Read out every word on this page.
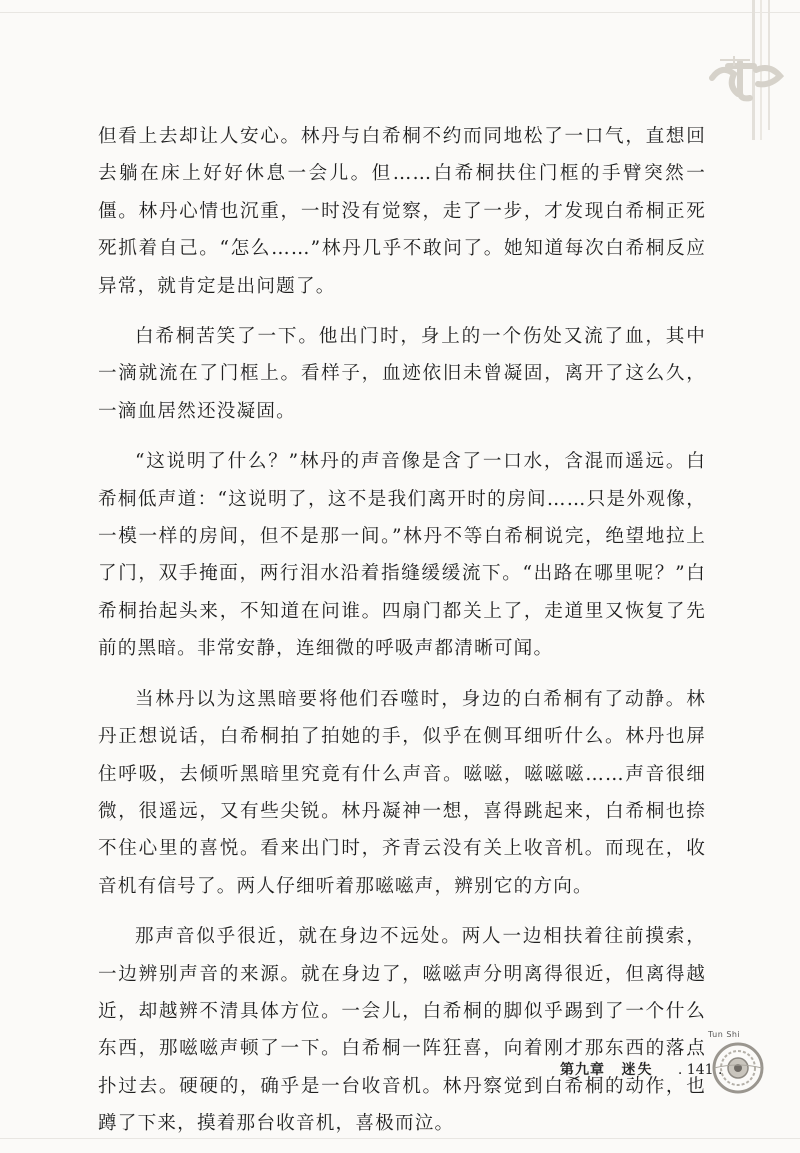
但看上去却让人安心。林丹与白希桐不约而同地松了一口气，直想回去躺在床上好好休息一会儿。但……白希桐扶住门框的手臂突然一僵。林丹心情也沉重，一时没有觉察，走了一步，才发现白希桐正死死抓着自己。“怎么……”林丹几乎不敢问了。她知道每次白希桐反应异常，就肯定是出问题了。

白希桐苦笑了一下。他出门时，身上的一个伤处又流了血，其中一滴就流在了门框上。看样子，血迹依旧未曾凝固，离开了这么久，一滴血居然还没凝固。

“这说明了什么？”林丹的声音像是含了一口水，含混而遥远。白希桐低声道：“这说明了，这不是我们离开时的房间……只是外观像，一模一样的房间，但不是那一间。”林丹不等白希桐说完，绝望地拉上了门，双手掩面，两行泪水沿着指缝缓缓流下。“出路在哪里呢？”白希桐抬起头来，不知道在问谁。四扇门都关上了，走道里又恢复了先前的黑暗。非常安静，连细微的呼吸声都清晰可闻。

当林丹以为这黑暗要将他们吞噬时，身边的白希桐有了动静。林丹正想说话，白希桐拍了拍她的手，似乎在侧耳细听什么。林丹也屏住呼吸，去倾听黑暗里究竟有什么声音。嗞嗞，嗞嗞嗞……声音很细微，很遥远，又有些尖锐。林丹凝神一想，喜得跳起来，白希桐也捺不住心里的喜悦。看来出门时，齐青云没有关上收音机。而现在，收音机有信号了。两人仔细听着那嗞嗞声，辨别它的方向。

那声音似乎很近，就在身边不远处。两人一边相扶着往前摸索，一边辨别声音的来源。就在身边了，嗞嗞声分明离得很近，但离得越近，却越辨不清具体方位。一会儿，白希桐的脚似乎踢到了一个什么东西，那嗞嗞声顿了一下。白希桐一阵狂喜，向着刚才那东西的落点扑过去。硬硬的，确乎是一台收音机。林丹察觉到白希桐的动作，也蹲了下来，摸着那台收音机，喜极而泣。

第九章 迷失 . 141 .
Tun Shi
